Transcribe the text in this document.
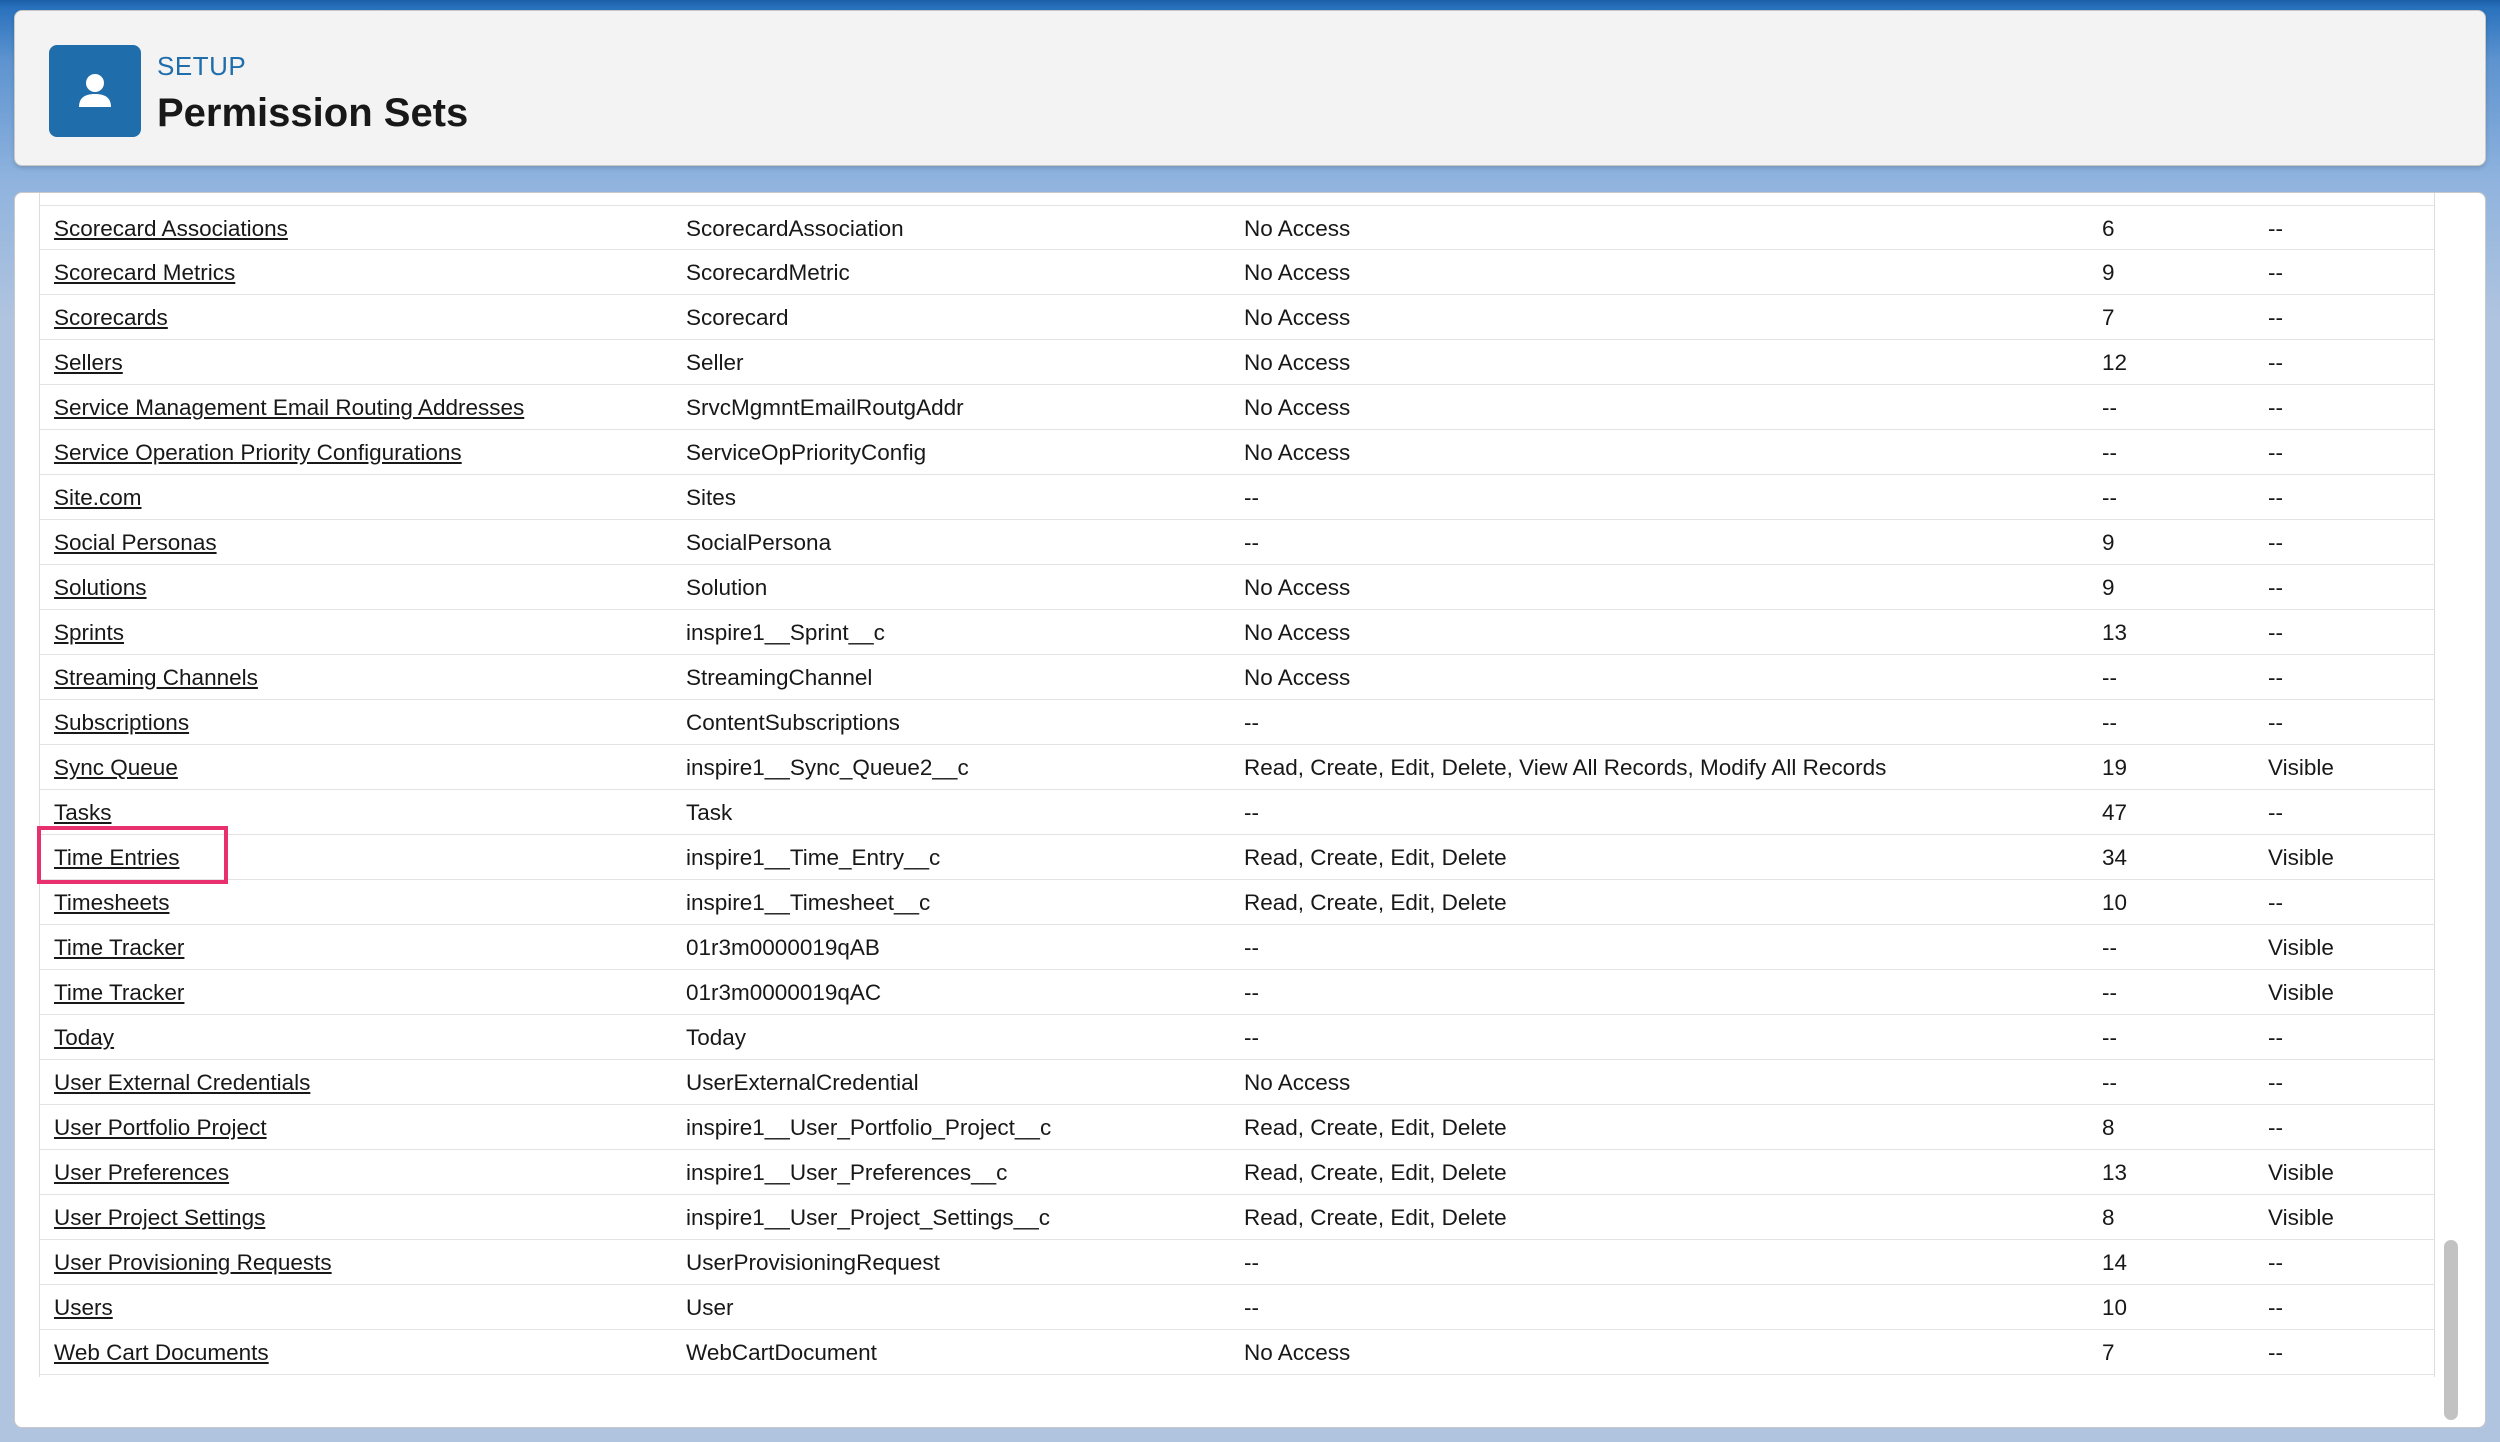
SETUP
Permission Sets
Scorecard Associations	ScorecardAssociation	No Access	6	--
Scorecard Metrics	ScorecardMetric	No Access	9	--
Scorecards	Scorecard	No Access	7	--
Sellers	Seller	No Access	12	--
Service Management Email Routing Addresses	SrvcMgmntEmailRoutgAddr	No Access	--	--
Service Operation Priority Configurations	ServiceOpPriorityConfig	No Access	--	--
Site.com	Sites	--	--	--
Social Personas	SocialPersona	--	9	--
Solutions	Solution	No Access	9	--
Sprints	inspire1__Sprint__c	No Access	13	--
Streaming Channels	StreamingChannel	No Access	--	--
Subscriptions	ContentSubscriptions	--	--	--
Sync Queue	inspire1__Sync_Queue2__c	Read, Create, Edit, Delete, View All Records, Modify All Records	19	Visible
Tasks	Task	--	47	--
Time Entries	inspire1__Time_Entry__c	Read, Create, Edit, Delete	34	Visible
Timesheets	inspire1__Timesheet__c	Read, Create, Edit, Delete	10	--
Time Tracker	01r3m0000019qAB	--	--	Visible
Time Tracker	01r3m0000019qAC	--	--	Visible
Today	Today	--	--	--
User External Credentials	UserExternalCredential	No Access	--	--
User Portfolio Project	inspire1__User_Portfolio_Project__c	Read, Create, Edit, Delete	8	--
User Preferences	inspire1__User_Preferences__c	Read, Create, Edit, Delete	13	Visible
User Project Settings	inspire1__User_Project_Settings__c	Read, Create, Edit, Delete	8	Visible
User Provisioning Requests	UserProvisioningRequest	--	14	--
Users	User	--	10	--
Web Cart Documents	WebCartDocument	No Access	7	--
